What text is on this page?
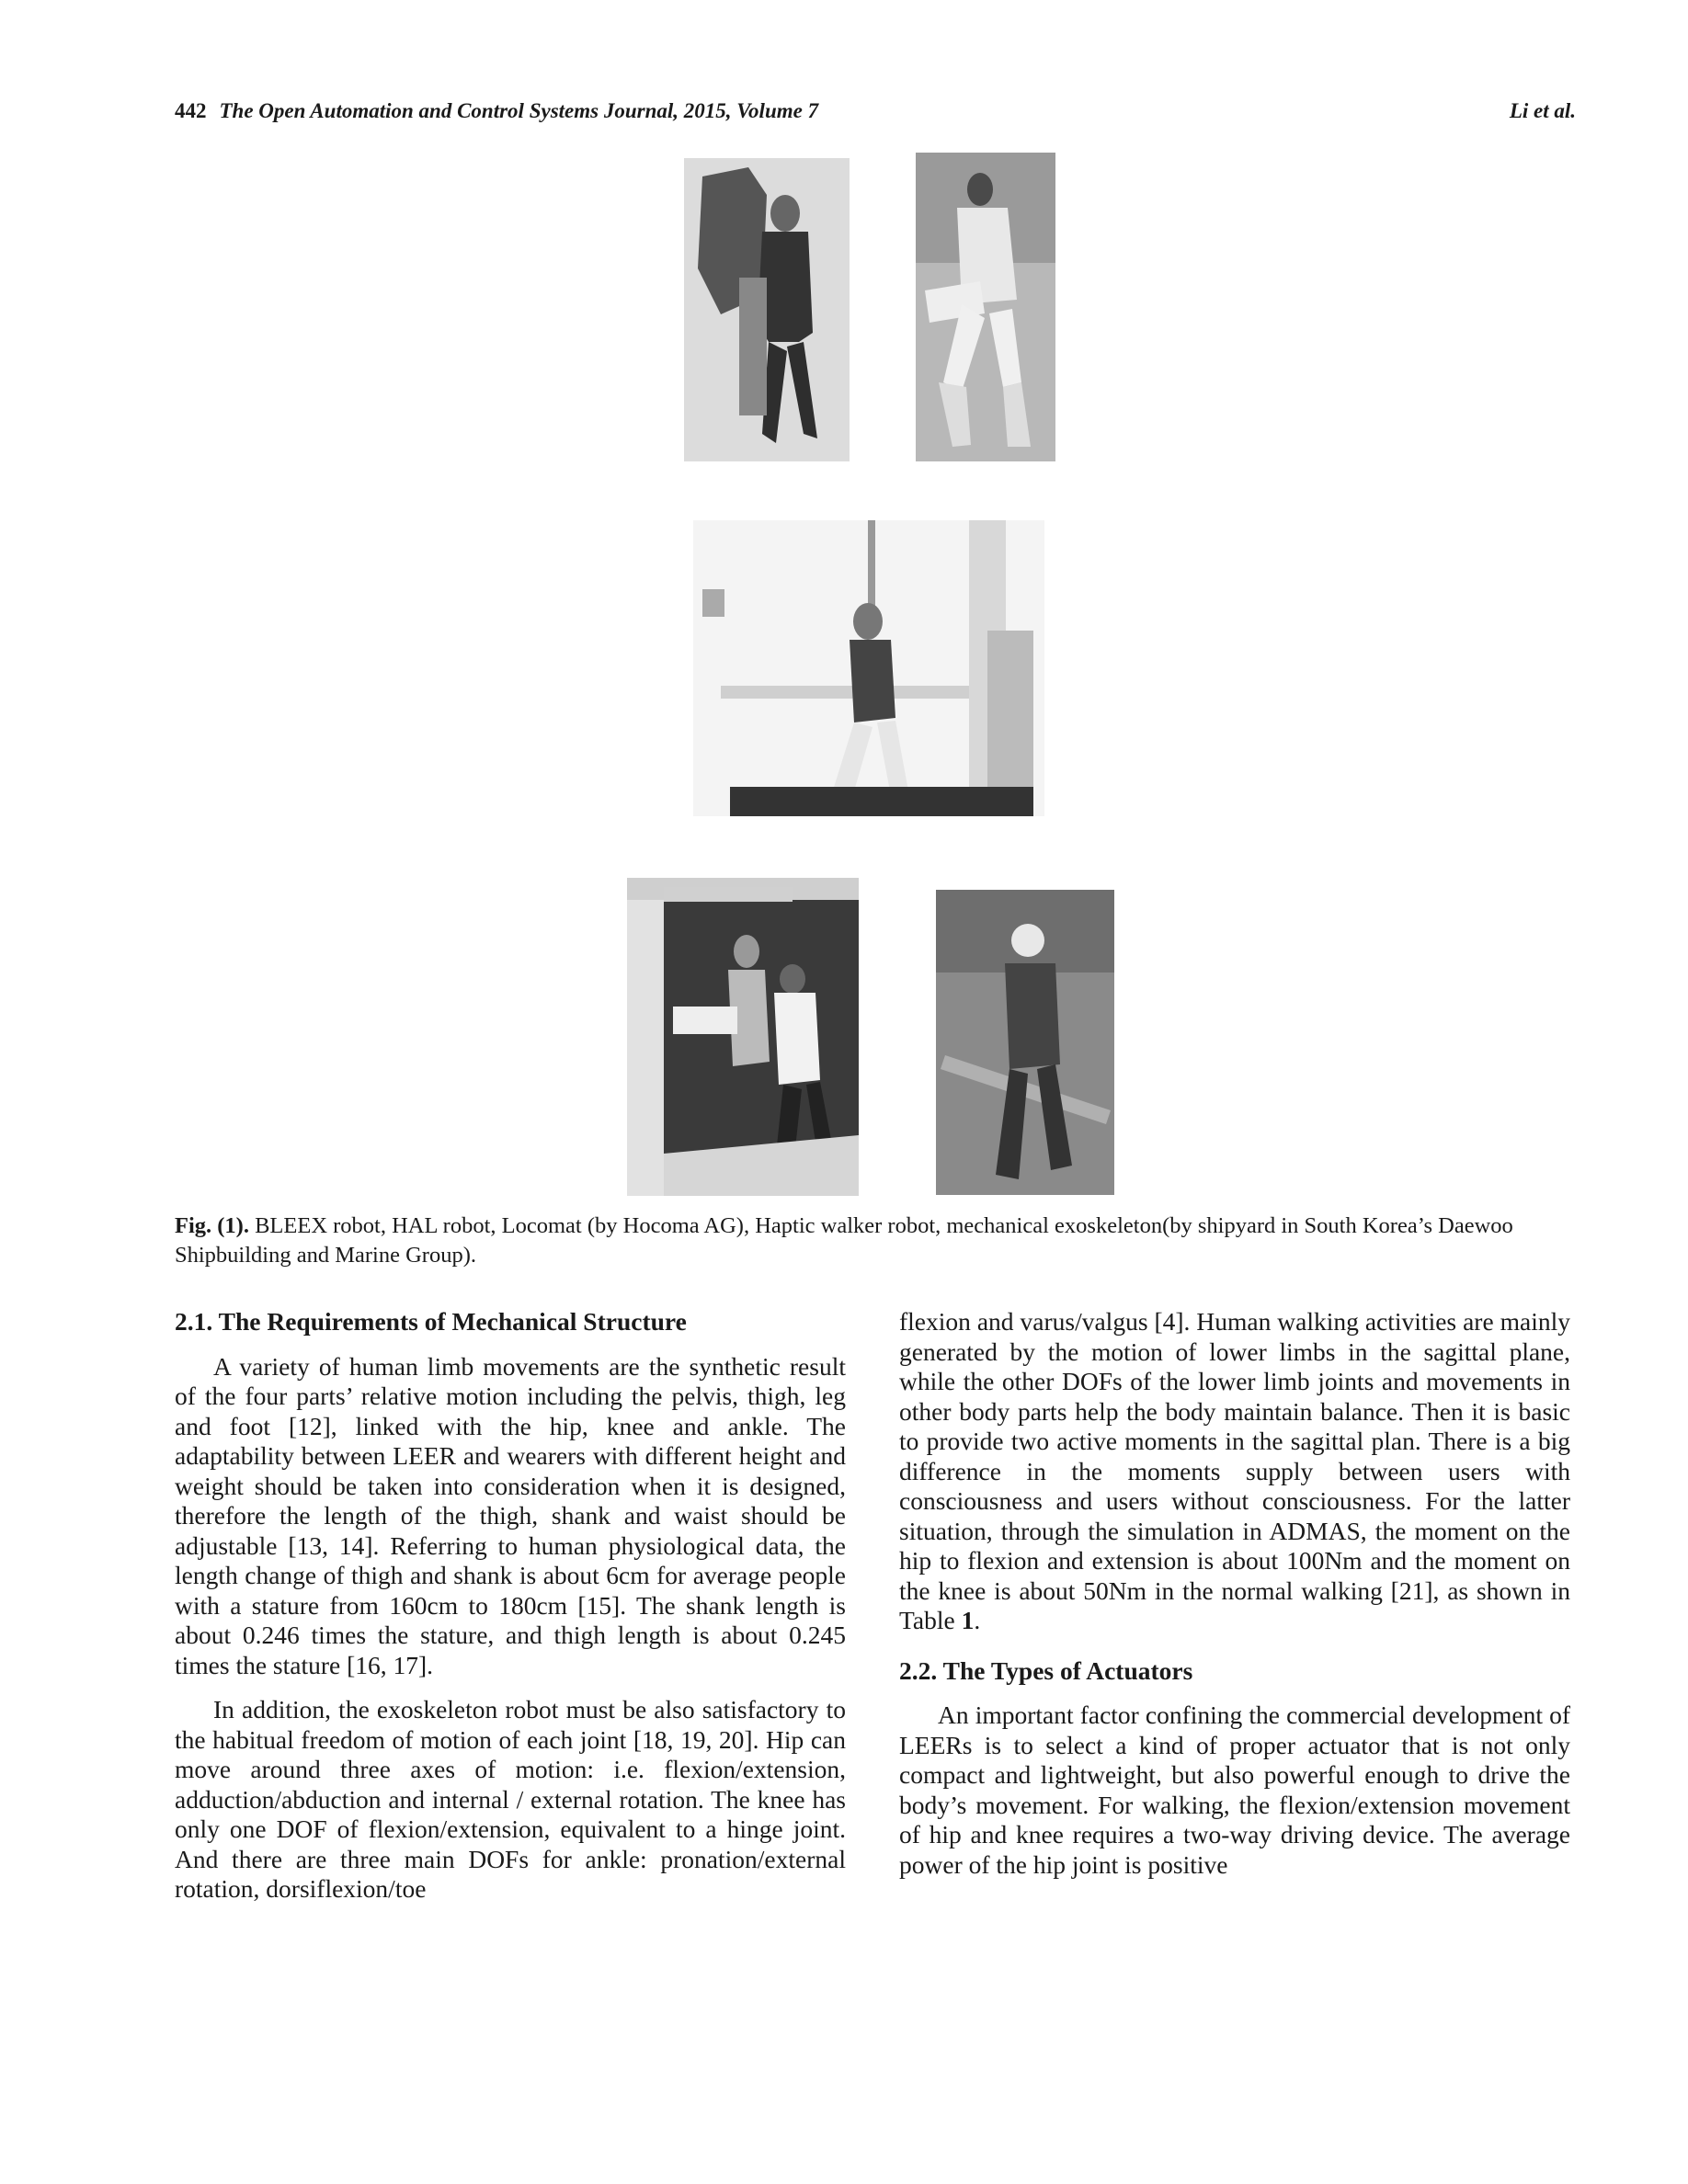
442 The Open Automation and Control Systems Journal, 2015, Volume 7	Li et al.
Fig. (1). BLEEX robot, HAL robot, Locomat (by Hocoma AG), Haptic walker robot, mechanical exoskeleton(by shipyard in South Korea’s Daewoo Shipbuilding and Marine Group).
2.1. The Requirements of Mechanical Structure

A variety of human limb movements are the synthetic result of the four parts’ relative motion including the pelvis, thigh, leg and foot [12], linked with the hip, knee and ankle. The adaptability between LEER and wearers with different height and weight should be taken into consideration when it is designed, therefore the length of the thigh, shank and waist should be adjustable [13, 14]. Referring to human physiological data, the length change of thigh and shank is about 6cm for average people with a stature from 160cm to 180cm [15]. The shank length is about 0.246 times the stature, and thigh length is about 0.245 times the stature [16, 17].

In addition, the exoskeleton robot must be also satisfactory to the habitual freedom of motion of each joint [18, 19, 20]. Hip can move around three axes of motion: i.e. flexion/extension, adduction/abduction and internal / external rotation. The knee has only one DOF of flexion/extension, equivalent to a hinge joint. And there are three main DOFs for ankle: pronation/external rotation, dorsiflexion/toe

flexion and varus/valgus [4]. Human walking activities are mainly generated by the motion of lower limbs in the sagittal plane, while the other DOFs of the lower limb joints and movements in other body parts help the body maintain balance. Then it is basic to provide two active moments in the sagittal plan. There is a big difference in the moments supply between users with consciousness and users without consciousness. For the latter situation, through the simulation in ADMAS, the moment on the hip to flexion and extension is about 100Nm and the moment on the knee is about 50Nm in the normal walking [21], as shown in Table 1.

2.2. The Types of Actuators

An important factor confining the commercial development of LEERs is to select a kind of proper actuator that is not only compact and lightweight, but also powerful enough to drive the body’s movement. For walking, the flexion/extension movement of hip and knee requires a two-way driving device. The average power of the hip joint is positive
